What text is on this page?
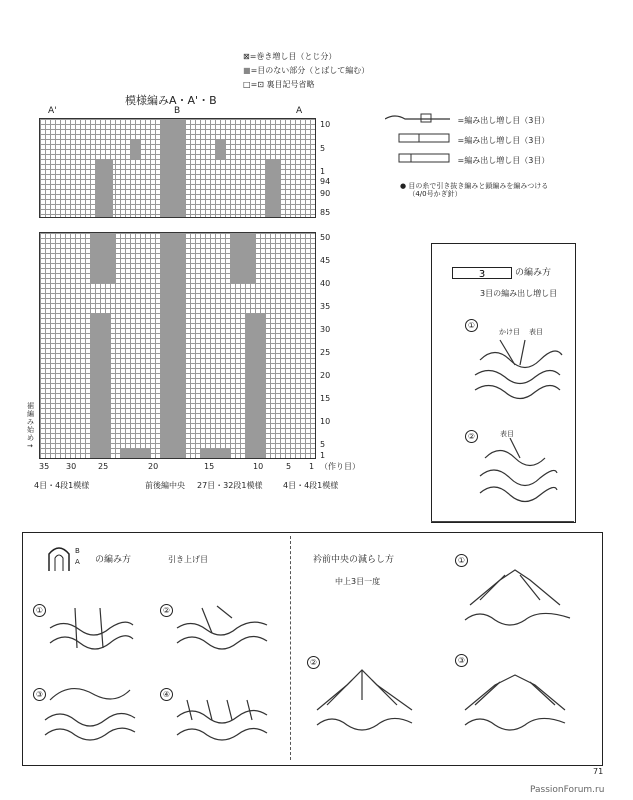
⊠=巻き増し目（とじ分）
■=目のない部分（とばして編む）
□=⊡ 裏目記号省略
模様編みA・A'・B
A'	B	A
10
5
1
94
90
85
50
45
40
35
30
25
20
15
10
5
1
裾編み始め→
35 30	25	20	15	10	5 1 （作り目）
4目・4段1模様	前後編中央 27目・32段1模様	4目・4段1模様
=編み出し増し目（3目）
=編み出し増し目（3目）
=編み出し増し目（3目）
● 目の糸で引き抜き編みと鎖編みを編みつける（4/0号かぎ針）
3	の編み方
3目の編み出し増し目
①
かけ目 表目
②	表目
B
A の編み方	引き上げ目
①	②
③	④
衿前中央の減らし方
中上3目一度
①
②	③
71
PassionForum.ru
